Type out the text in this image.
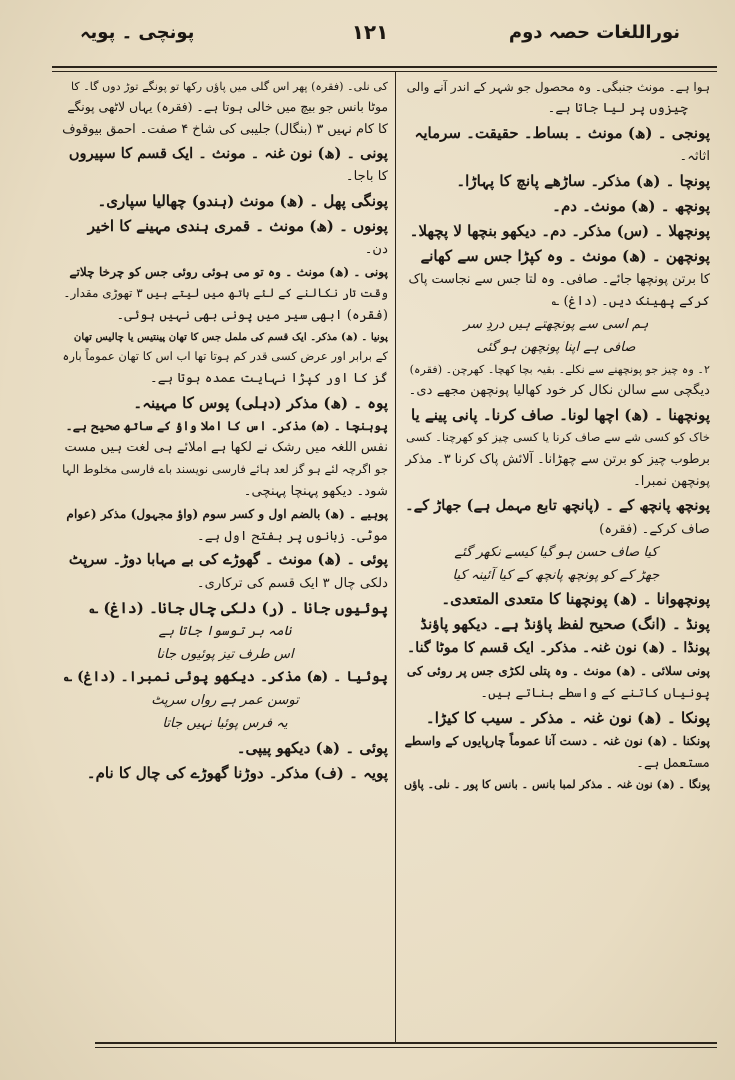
نوراللغات حصہ دوم
۱۲۱
پونچی ۔ پویہ
ہوا ہے۔ مونث جنبگی۔ وہ محصول جو شہر کے اندر آنے والی
چیزوں پر لیا جاتا ہے۔
پونجی ۔ (ھ) مونث ۔ بساط۔ حقیقت۔ سرمایہ
اثاثہ۔
پونچا ۔ (ھ) مذکر۔ ساڑھے پانچ کا پہاڑا۔
پونچھ ۔ (ھ) مونث۔ دم۔
پونچھلا ۔ (س) مذکر۔ دم۔ دیکھو بنچھا لا پچھلا۔
پونچھن ۔ (ھ) مونث ۔ وہ کپڑا جس سے کھانے
کا برتن پونچھا جائے۔ صافی۔ وہ لتا جس سے نجاست پاک
کرکے پھینک دیں۔ (داغ) ؎
ہم اسی سے پونچھتے ہیں دردِ سر
صافی ہے اپنا پونچھن ہو گئی
۲۔ وہ چیز جو پونچھنے سے نکلے۔ بقیہ بچا کھچا۔ کھرچن۔ (فقرہ)
دیگچی سے سالن نکال کر خود کھالیا پونچھن مجھے دی۔
پونچھنا ۔ (ھ) اچھا لونا۔ صاف کرنا۔ پانی پینے یا
خاک کو کسی شے سے صاف کرنا یا کسی چیز کو کھرچنا۔ کسی
برطوب چیز کو برتن سے چھڑانا۔ آلائش پاک کرنا ۳۔ مذکر
پونچھن نمبرا۔
پونچھ پانچھ کے ۔ (پانچھ تابع مہمل ہے) جھاڑ کے۔
صاف کرکے۔ (فقرہ)
کیا صاف حسن ہو گیا کیسے نکھر گئے
جھڑ کے کو پونچھ پانچھ کے کیا آئینہ کیا
پونچھوانا ۔ (ھ) پونچھنا کا متعدی المتعدی۔
پونڈ ۔ (انگ) صحیح لفظ پاؤنڈ ہے۔ دیکھو پاؤنڈ
پونڈا ۔ (ھ) نون غنہ۔ مذکر۔ ایک قسم کا موٹا گنا۔
پونی سلائی ۔ (ھ) مونث ۔ وہ پتلی لکڑی جس پر روئی کی
پونیاں کاتنے کے واسطے بناتے ہیں۔
پونکا ۔ (ھ) نون غنہ ۔ مذکر ۔ سیب کا کیڑا۔
پونکنا ۔ (ھ) نون غنہ ۔ دست آنا عموماً چارپایوں کے واسطے
مستعمل ہے۔
پونگا ۔ (ھ) نون غنہ ۔ مذکر لمبا بانس ۔ بانس کا پور ۔ نلی۔ پاؤں
کی نلی۔ (فقرہ) پھر اس گلی میں پاؤں رکھا تو پونگے توڑ دوں گا۔ کا
موٹا بانس جو بیچ میں خالی ہوتا ہے۔ (فقرہ) یہاں لاٹھی پونگے
کا کام نہیں ۳ (بنگال) جلیبی کی شاخ ۴ صفت۔ احمق بیوقوف
پونی ۔ (ھ) نون غنہ ۔ مونث ۔ ایک قسم کا سپیروں
کا باجا۔
پونگی پھل ۔ (ھ) مونث (ہندو) چھالیا سپاری۔
پونوں ۔ (ھ) مونث ۔ قمری ہندی مہینے کا اخیر
دن۔
پونی ۔ (ھ) مونث ۔ وہ تو می ہوئی روئی جس کو چرخا چلاتے
وقت تار نکالنے کے لئے ہاتھ میں لیتے ہیں ۳ تھوڑی مقدار۔
(فقرہ) ابھی سیر میں پونی بھی نہیں ہوئی۔
پونیا ۔ (ھ) مذکر۔ ایک قسم کی ململ جس کا تھان پینتیس یا چالیس تھان
کے برابر اور عرض کسی قدر کم ہوتا تھا اب اس کا تھان عموماً بارہ
گز کا اور کپڑا نہایت عمدہ ہوتا ہے۔
پوہ ۔ (ھ) مذکر (دہلی) پوس کا مہینہ۔
پوہنچا ۔ (ھ) مذکر۔ اس کا املا واؤ کے ساتھ صحیح ہے۔
نفس اللغہ میں رشک نے لکھا ہے املائے ہی لغت ہیں مست
جو اگرچہ لئے ہو گز لعد ہائے فارسی نویسند باے فارسی مخلوط الہا
شود۔ دیکھو پہنچا پہنچی۔
پوہیے ۔ (ھ) بالضم اول و کسر سوم (واؤ مجہول) مذکر (عوام
موٹی۔ زبانوں پر بفتح اول ہے۔
پوئی ۔ (ھ) مونث ۔ گھوڑے کی بے مہابا دوڑ۔ سرپٹ
دلکی چال ۳ ایک قسم کی ترکاری۔
پوئیوں جانا ۔ (ر) دلکی چال جانا۔ (داغ) ؎
نامہ بر توسوا جاتا ہے
اس طرف تیز پوئیوں جانا
پوئیا ۔ (ھ) مذکر۔ دیکھو پوئی نمبرا۔ (داغ) ؎
توسن عمر ہے رواں سرپٹ
یہ فرس پوئیا نہیں جاتا
پوئی ۔ (ھ) دیکھو پیپی۔
پویہ ۔ (ف) مذکر۔ دوڑنا گھوڑے کی چال کا نام۔
